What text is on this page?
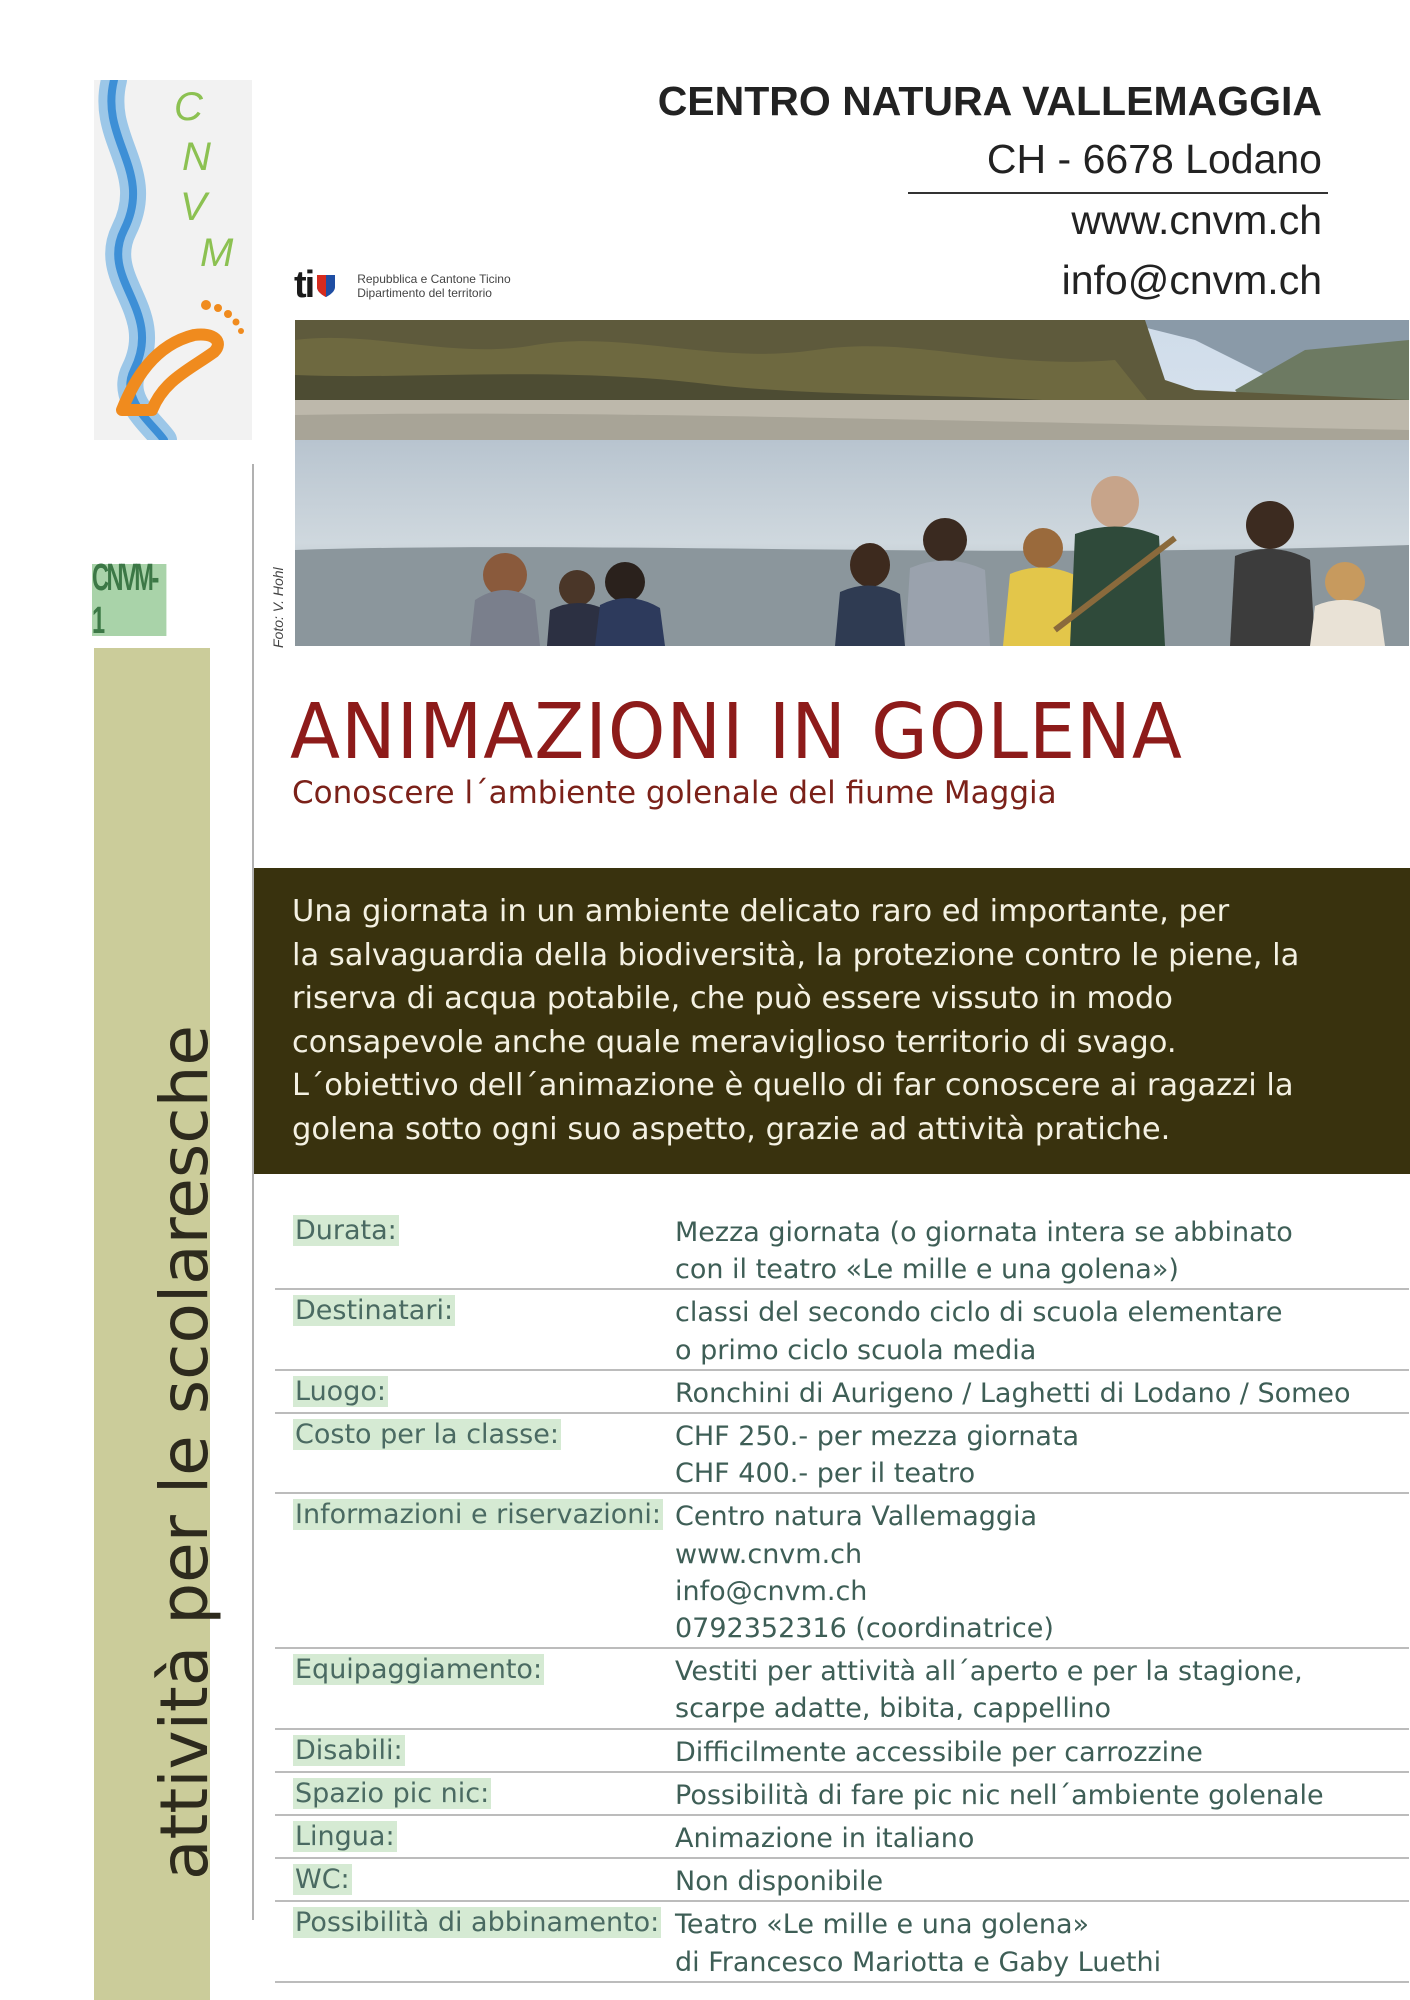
C
N
V
M
CNVM-1
attività per le scolaresche
Foto: V. Hohl
CENTRO NATURA VALLEMAGGIA
CH - 6678 Lodano
www.cnvm.ch
info@cnvm.ch
ti	Repubblica e Cantone Ticino
Dipartimento del territorio
ANIMAZIONI IN GOLENA
Conoscere l´ambiente golenale del fiume Maggia
Una giornata in un ambiente delicato raro ed importante, per
la salvaguardia della biodiversità, la protezione contro le piene, la
riserva di acqua potabile, che può essere vissuto in modo
consapevole anche quale meraviglioso territorio di svago.
L´obiettivo dell´animazione è quello di far conoscere ai ragazzi la
golena sotto ogni suo aspetto, grazie ad attività pratiche.
Durata:	Mezza giornata (o giornata intera se abbinato
con il teatro «Le mille e una golena»)
Destinatari:	classi del secondo ciclo di scuola elementare
o primo ciclo scuola media
Luogo:	Ronchini di Aurigeno / Laghetti di Lodano / Someo
Costo per la classe:	CHF 250.- per mezza giornata
CHF 400.- per il teatro
Informazioni e riservazioni: Centro natura Vallemaggia
www.cnvm.ch
info@cnvm.ch
0792352316 (coordinatrice)
Equipaggiamento:	Vestiti per attività all´aperto e per la stagione,
scarpe adatte, bibita, cappellino
Disabili:	Difficilmente accessibile per carrozzine
Spazio pic nic:	Possibilità di fare pic nic nell´ambiente golenale
Lingua:	Animazione in italiano
WC:	Non disponibile
Possibilità di abbinamento: Teatro «Le mille e una golena»
di Francesco Mariotta e Gaby Luethi
